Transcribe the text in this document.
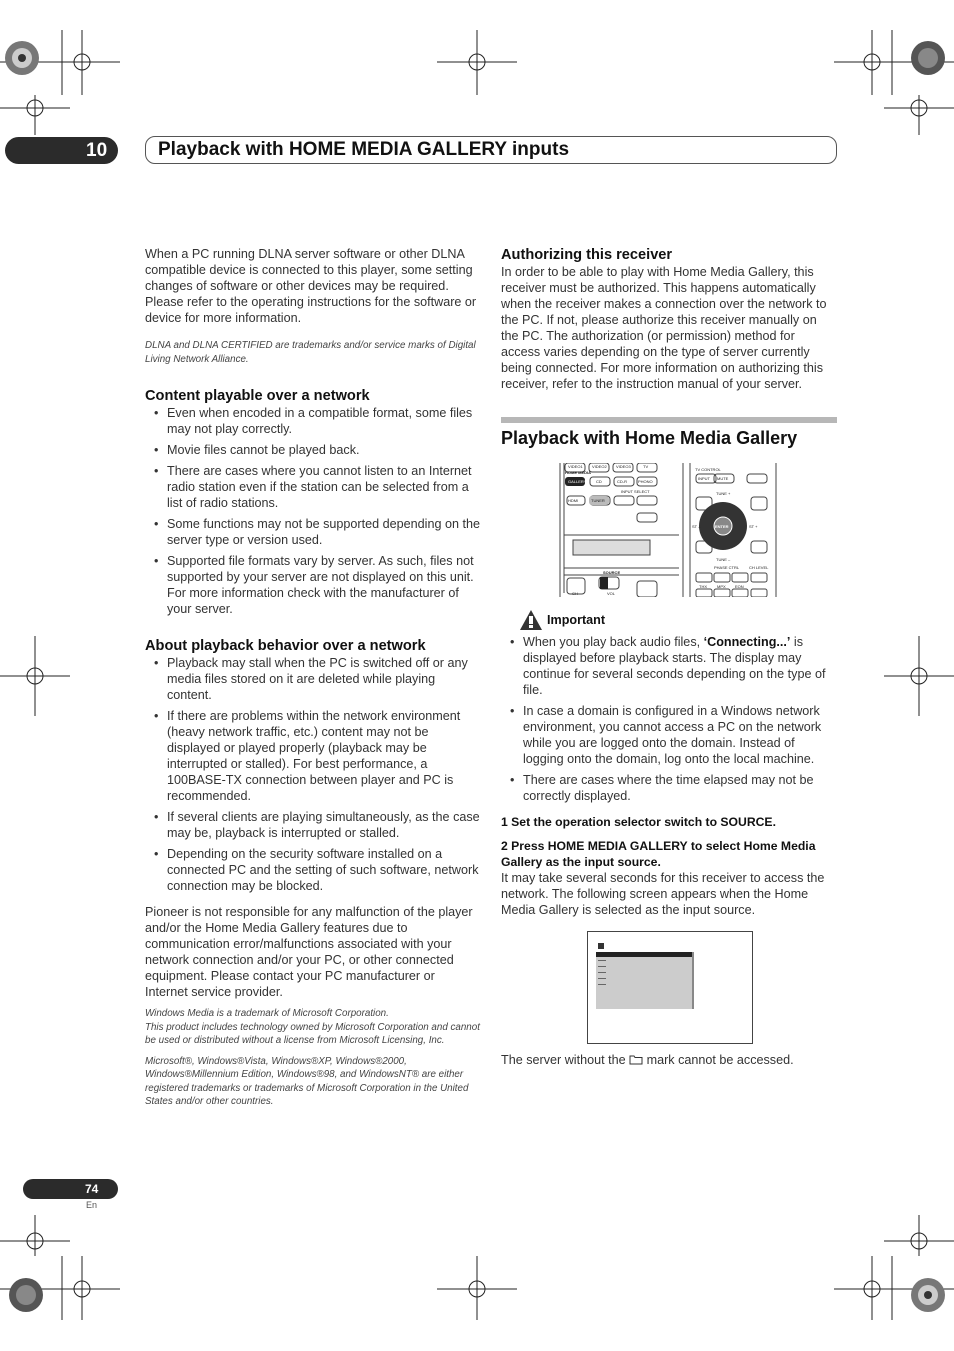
10	Playback with HOME MEDIA GALLERY inputs

When a PC running DLNA server software or other DLNA compatible device is connected to this player, some setting changes of software or other devices may be required. Please refer to the operating instructions for the software or device for more information.

DLNA and DLNA CERTIFIED are trademarks and/or service marks of Digital Living Network Alliance.

Content playable over a network
• Even when encoded in a compatible format, some files may not play correctly.
• Movie files cannot be played back.
• There are cases where you cannot listen to an Internet radio station even if the station can be selected from a list of radio stations.
• Some functions may not be supported depending on the server type or version used.
• Supported file formats vary by server. As such, files not supported by your server are not displayed on this unit. For more information check with the manufacturer of your server.
About playback behavior over a network
• Playback may stall when the PC is switched off or any media files stored on it are deleted while playing content.
• If there are problems within the network environment (heavy network traffic, etc.) content may not be displayed or played properly (playback may be interrupted or stalled). For best performance, a 100BASE-TX connection between player and PC is recommended.
• If several clients are playing simultaneously, as the case may be, playback is interrupted or stalled.
• Depending on the security software installed on a connected PC and the setting of such software, network connection may be blocked.

Pioneer is not responsible for any malfunction of the player and/or the Home Media Gallery features due to communication error/malfunctions associated with your network connection and/or your PC, or other connected equipment. Please contact your PC manufacturer or Internet service provider.

Windows Media is a trademark of Microsoft Corporation.

This product includes technology owned by Microsoft Corporation and cannot be used or distributed without a license from Microsoft Licensing, Inc.

Microsoft®, Windows®Vista, Windows®XP, Windows®2000, Windows®Millennium Edition, Windows®98, and WindowsNT® are either registered trademarks or trademarks of Microsoft Corporation in the United States and/or other countries.

Authorizing this receiver

In order to be able to play with Home Media Gallery, this receiver must be authorized. This happens automatically when the receiver makes a connection over the network to the PC. If not, please authorize this receiver manually on the PC. The authorization (or permission) method for access varies depending on the type of server currently being connected. For more information on authorizing this receiver, refer to the instruction manual of your server.

Playback with Home Media Gallery
HOME MEDIA
GALLERY
VIDEO1 VIDEO2 VIDEO3	TV
CD	CD-R	PHONO
INPUT SELECT
HDMI	TUNER
SOURCE
VOL
CH
TV CONTROL
INPUT MUTE
ENTER
TUNE +
TUNE –
ST –	ST +
PHASE CTRL CH LEVEL
THX	MPX EON
Important
• When you play back audio files, ‘Connecting...’ is displayed before playback starts. The display may continue for several seconds depending on the type of file.
• In case a domain is configured in a Windows network environment, you cannot access a PC on the network while you are logged onto the domain. Instead of logging onto the domain, log onto the local machine.
• There are cases where the time elapsed may not be correctly displayed.

1 Set the operation selector switch to SOURCE.

2 Press HOME MEDIA GALLERY to select Home Media Gallery as the input source.

It may take several seconds for this receiver to access the network. The following screen appears when the Home Media Gallery is selected as the input source.

The server without the mark cannot be accessed.

74
En
